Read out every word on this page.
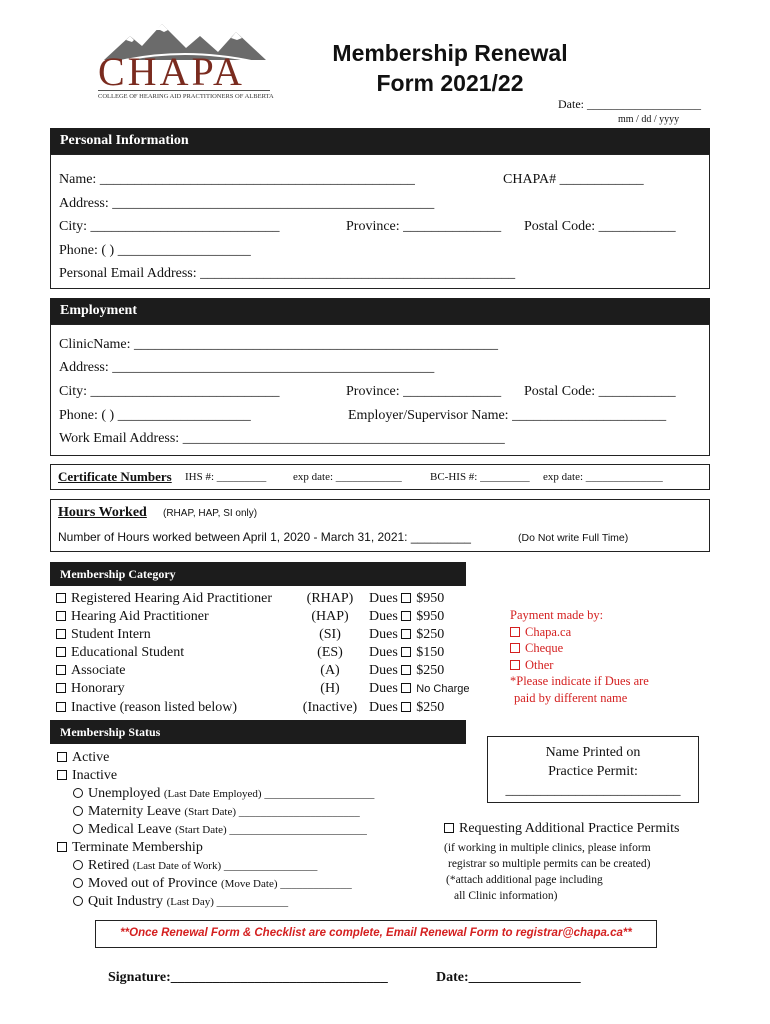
CHAPA
COLLEGE OF HEARING AID PRACTITIONERS OF ALBERTA
Membership Renewal
Form 2021/22
Date: ___________________
mm / dd / yyyy
Personal Information
Name: _____________________________________________	CHAPA# ____________
Address: ______________________________________________
City: ___________________________	Province: ______________ Postal Code: ___________
Phone: ( ) ___________________
Personal Email Address: _____________________________________________
Employment
ClinicName: ____________________________________________________
Address: ______________________________________________
City: ___________________________	Province: ______________ Postal Code: ___________
Phone: ( ) ___________________	Employer/Supervisor Name: ______________________
Work Email Address: ______________________________________________
Certificate Numbers IHS #: _________ exp date: ____________	BC-HIS #: _________ exp date: ______________
Hours Worked (RHAP, HAP, SI only)
Number of Hours worked between April 1, 2020 - March 31, 2021: _________	(Do Not write Full Time)
Membership Category
Registered Hearing Aid Practitioner	(RHAP)	Dues $950
Hearing Aid Practitioner	(HAP)	Dues $950
Student Intern	(SI)	Dues $250
Educational Student	(ES)	Dues $150
Associate	(A)	Dues $250
Honorary	(H)	Dues No Charge
Inactive (reason listed below)	(Inactive) Dues $250
Payment made by:
Chapa.ca
Cheque
Other
*Please indicate if Dues are
paid by different name
Membership Status
Active
Inactive
Unemployed (Last Date Employed) ____________________
Maternity Leave (Start Date) ______________________
Medical Leave (Start Date) _________________________
Terminate Membership
Retired (Last Date of Work) _________________
Moved out of Province (Move Date) _____________
Quit Industry (Last Day) _____________
Name Printed on
Practice Permit:
_________________________
Requesting Additional Practice Permits
(if working in multiple clinics, please inform
registrar so multiple permits can be created)
(*attach additional page including
all Clinic information)
**Once Renewal Form & Checklist are complete, Email Renewal Form to registrar@chapa.ca**
Signature:_______________________________	Date:________________
